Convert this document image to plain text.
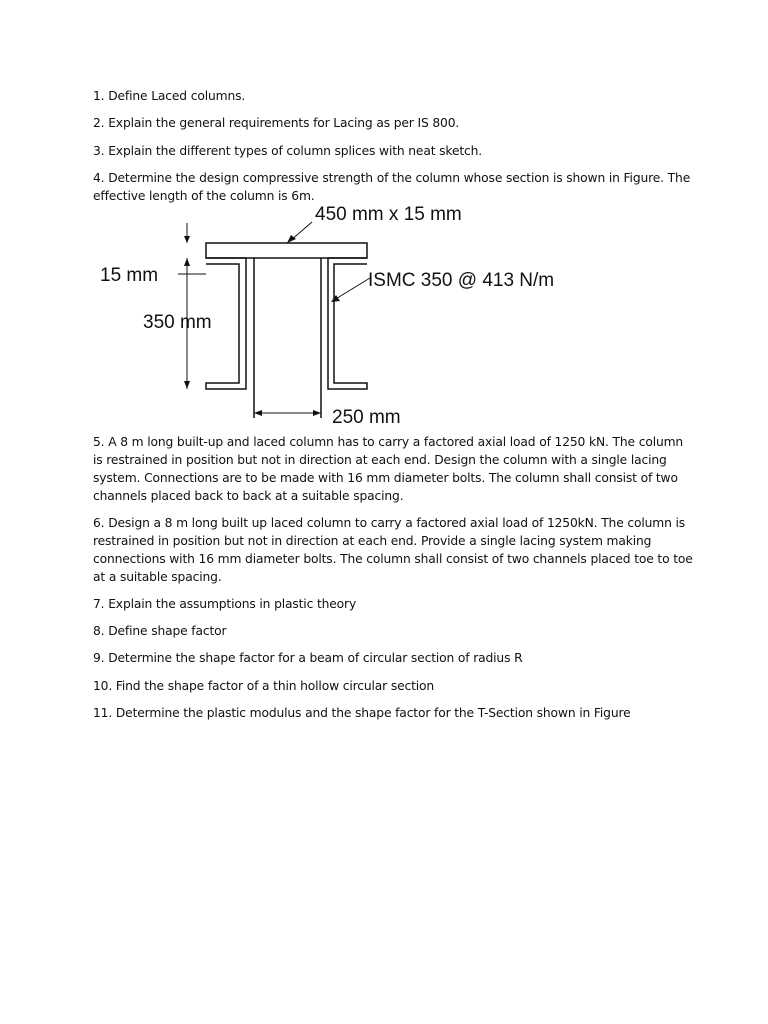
1. Define Laced columns.

2. Explain the general requirements for Lacing as per IS 800.

3. Explain the different types of column splices with neat sketch.

4. Determine the design compressive strength of the column whose section is shown in Figure. The effective length of the column is 6m.

450 mm x 15 mm
15 mm
350 mm
ISMC 350 @ 413 N/m
250 mm

5. A 8 m long built-up and laced column has to carry a factored axial load of 1250 kN. The column is restrained in position but not in direction at each end. Design the column with a single lacing system. Connections are to be made with 16 mm diameter bolts. The column shall consist of two channels placed back to back at a suitable spacing.

6. Design a 8 m long built up laced column to carry a factored axial load of 1250kN. The column is restrained in position but not in direction at each end. Provide a single lacing system making connections with 16 mm diameter bolts. The column shall consist of two channels placed toe to toe at a suitable spacing.

7. Explain the assumptions in plastic theory

8. Define shape factor

9. Determine the shape factor for a beam of circular section of radius R

10. Find the shape factor of a thin hollow circular section

11. Determine the plastic modulus and the shape factor for the T-Section shown in Figure
